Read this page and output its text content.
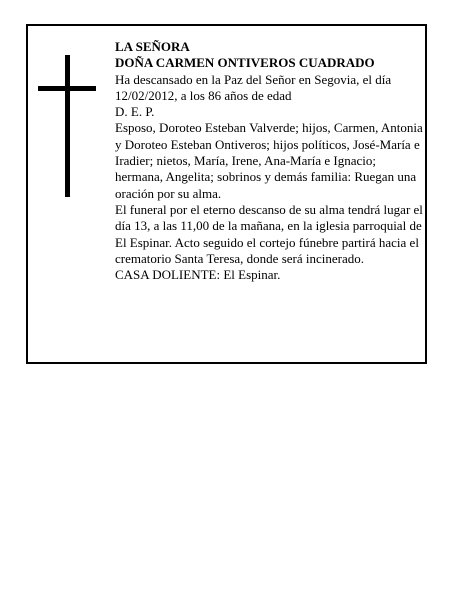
LA SEÑORA

DOÑA CARMEN ONTIVEROS CUADRADO

Ha descansado en la Paz del Señor en Segovia, el día 12/02/2012, a los 86 años de edad

D. E. P.

Esposo, Doroteo Esteban Valverde; hijos, Carmen, Antonia y Doroteo Esteban Ontiveros; hijos políticos, José-María e Iradier; nietos, María, Irene, Ana-María e Ignacio; hermana, Angelita; sobrinos y demás familia: Ruegan una oración por su alma.

El funeral por el eterno descanso de su alma tendrá lugar el día 13, a las 11,00 de la mañana, en la iglesia parroquial de El Espinar. Acto seguido el cortejo fúnebre partirá hacia el crematorio Santa Teresa, donde será incinerado.

CASA DOLIENTE: El Espinar.
